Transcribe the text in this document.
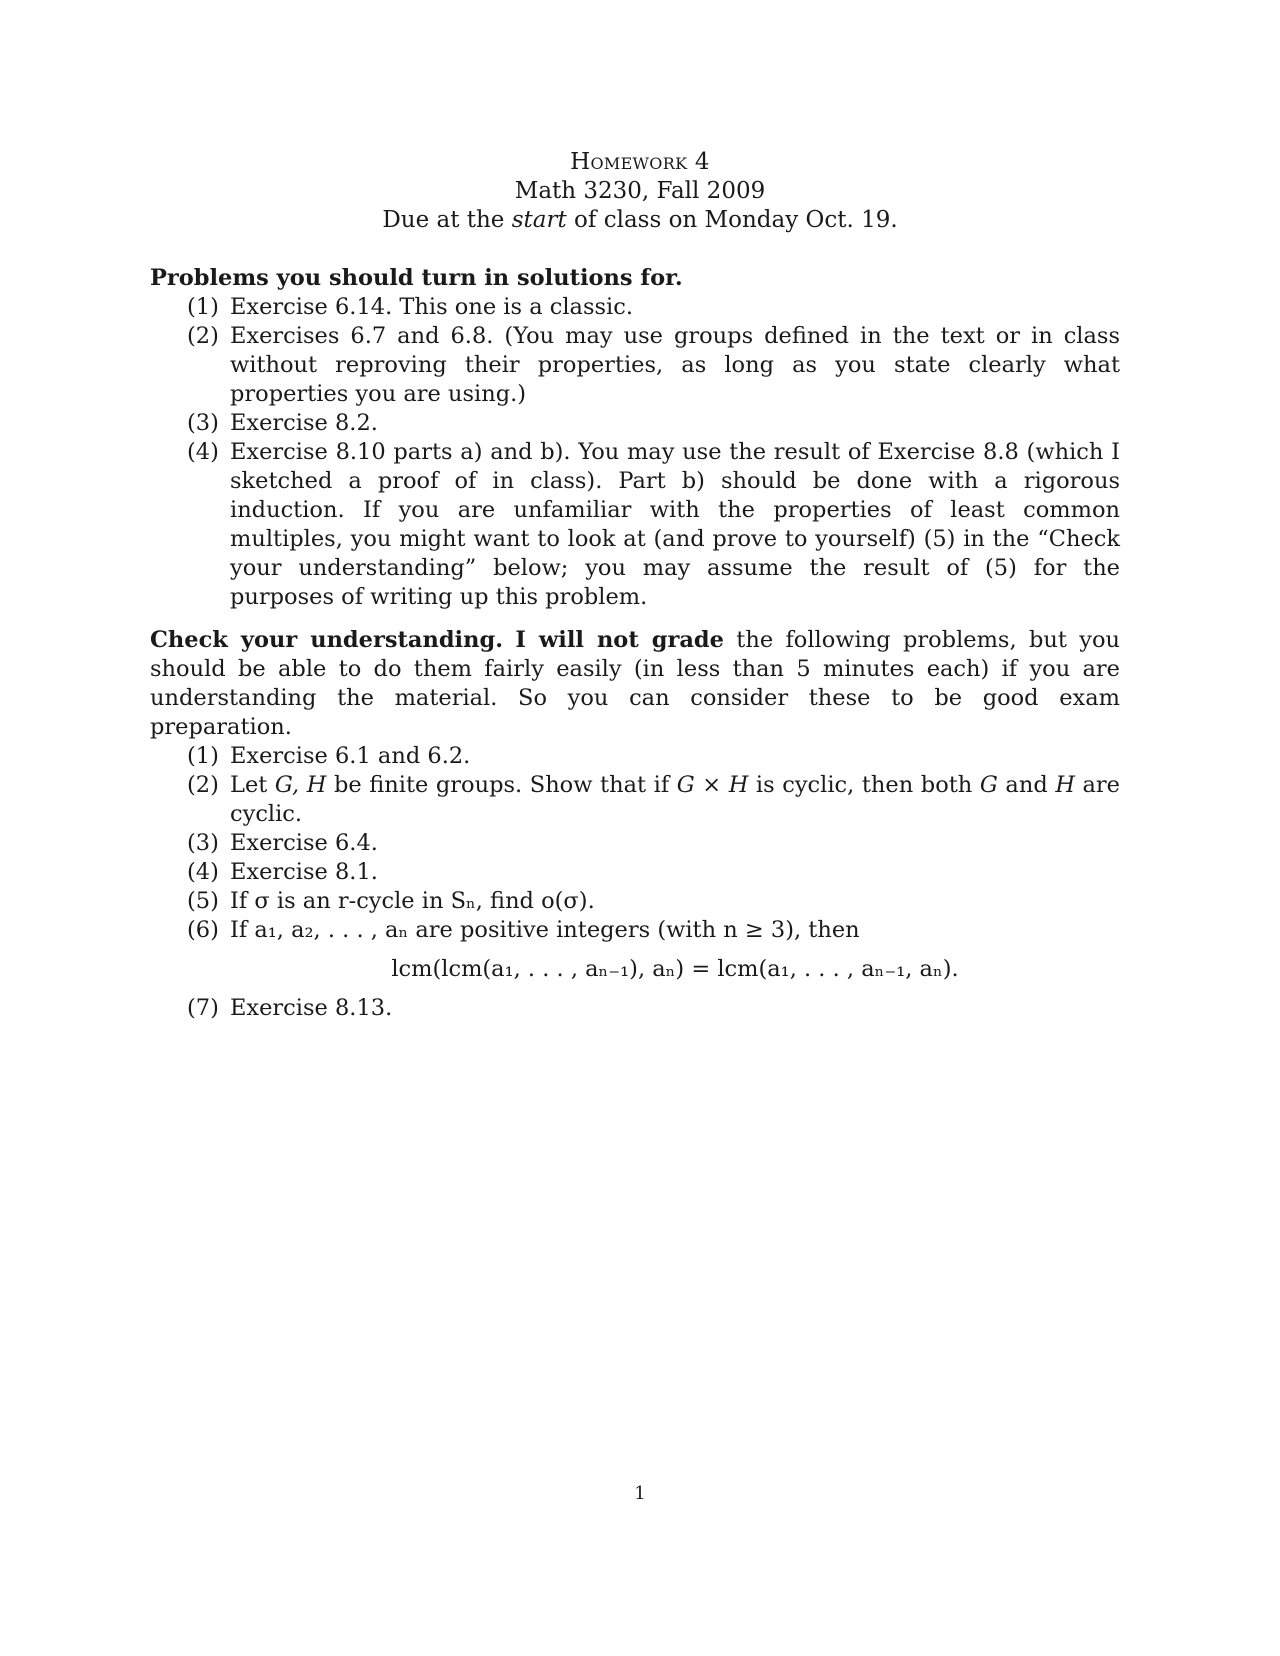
Homework 4
Math 3230, Fall 2009
Due at the start of class on Monday Oct. 19.

Problems you should turn in solutions for.

(1) Exercise 6.14. This one is a classic.
(2) Exercises 6.7 and 6.8. (You may use groups defined in the text or in class without reproving their properties, as long as you state clearly what properties you are using.)
(3) Exercise 8.2.
(4) Exercise 8.10 parts a) and b). You may use the result of Exercise 8.8 (which I sketched a proof of in class). Part b) should be done with a rigorous induction. If you are unfamiliar with the properties of least common multiples, you might want to look at (and prove to yourself) (5) in the “Check your understanding” below; you may assume the result of (5) for the purposes of writing up this problem.

Check your understanding. I will not grade the following problems, but you should be able to do them fairly easily (in less than 5 minutes each) if you are understanding the material. So you can consider these to be good exam preparation.

(1) Exercise 6.1 and 6.2.
(2) Let G, H be finite groups. Show that if G × H is cyclic, then both G and H are cyclic.
(3) Exercise 6.4.
(4) Exercise 8.1.
(5) If σ is an r-cycle in Sₙ, find o(σ).
(6) If a₁, a₂, . . . , aₙ are positive integers (with n ≥ 3), then
lcm(lcm(a₁, . . . , aₙ₋₁), aₙ) = lcm(a₁, . . . , aₙ₋₁, aₙ).
(7) Exercise 8.13.
1
